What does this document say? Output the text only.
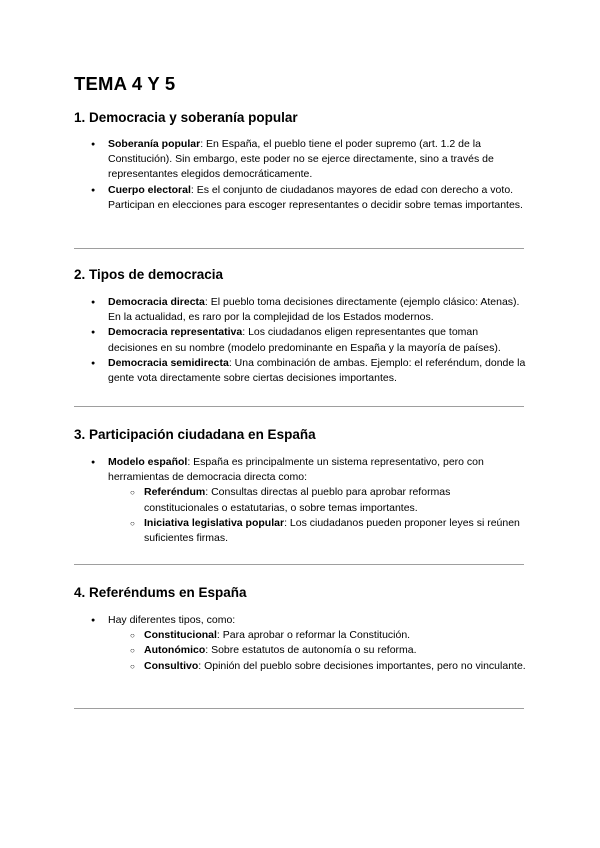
TEMA 4 Y 5
1. Democracia y soberanía popular
● Soberanía popular: En España, el pueblo tiene el poder supremo (art. 1.2 de la Constitución). Sin embargo, este poder no se ejerce directamente, sino a través de representantes elegidos democráticamente.
● Cuerpo electoral: Es el conjunto de ciudadanos mayores de edad con derecho a voto. Participan en elecciones para escoger representantes o decidir sobre temas importantes.
2. Tipos de democracia
● Democracia directa: El pueblo toma decisiones directamente (ejemplo clásico: Atenas). En la actualidad, es raro por la complejidad de los Estados modernos.
● Democracia representativa: Los ciudadanos eligen representantes que toman decisiones en su nombre (modelo predominante en España y la mayoría de países).
● Democracia semidirecta: Una combinación de ambas. Ejemplo: el referéndum, donde la gente vota directamente sobre ciertas decisiones importantes.
3. Participación ciudadana en España
● Modelo español: España es principalmente un sistema representativo, pero con herramientas de democracia directa como:
○ Referéndum: Consultas directas al pueblo para aprobar reformas constitucionales o estatutarias, o sobre temas importantes.
○ Iniciativa legislativa popular: Los ciudadanos pueden proponer leyes si reúnen suficientes firmas.
4. Referéndums en España
● Hay diferentes tipos, como:
○ Constitucional: Para aprobar o reformar la Constitución.
○ Autonómico: Sobre estatutos de autonomía o su reforma.
○ Consultivo: Opinión del pueblo sobre decisiones importantes, pero no vinculante.
